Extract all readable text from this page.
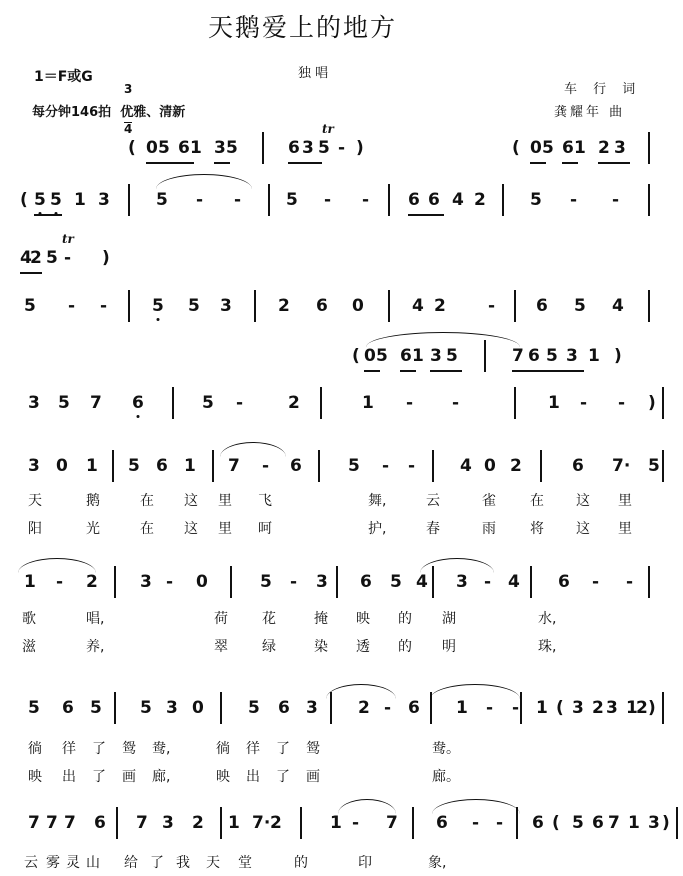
天鹅爱上的地方
1＝F或G

3

4

独 唱
车 行 词
每分钟146拍  优雅、清新	龚耀年 曲
( 0 5 6 1 3 5	6 3 5 - )
( 5 5 1 3	5 - -	5 - - 6 6 4 2	5 - -
( 0 5 6 1 2 3
4
2 5 - )
5 - -	5 5 3	2 6 0	4 2 - 6 5 4
( 0 5 6 1 3 5	7 6 5 3 1 )
3 5 7 6	5 -	2	1 - -	1 - - )
3 0 1 5 6 1 7 - 6	5 - -	4 0 2	6 7· 5
1 - 2 3 - 0	5 - 3 6 5 4 3 - 4 6 - -
5 6 5 5 3 0	5 6 3 2 - 6 1 - - 1 ( 3 2 3 1
2 )
7 7 7 6 7 3 2 1 7· 2	1 - 7 6 - - 6 ( 5 6 7 1 3 )
tr
tr
天	鹅	在 这 里 飞	舞,	云	雀 在 这 里
阳	光	在 这 里 呵	护,	春	雨 将 这 里
歌	唱,	荷 花	掩 映 的 湖	水,
滋	养,	翠 绿	染 透 的 明	珠,
徜 徉 了 鸳 鸯,	徜 徉 了 鸳	鸯。
映 出 了 画 廊,	映 出 了 画	廊。
云 雾 灵 山 给 了 我 天 堂	的	印	象,
